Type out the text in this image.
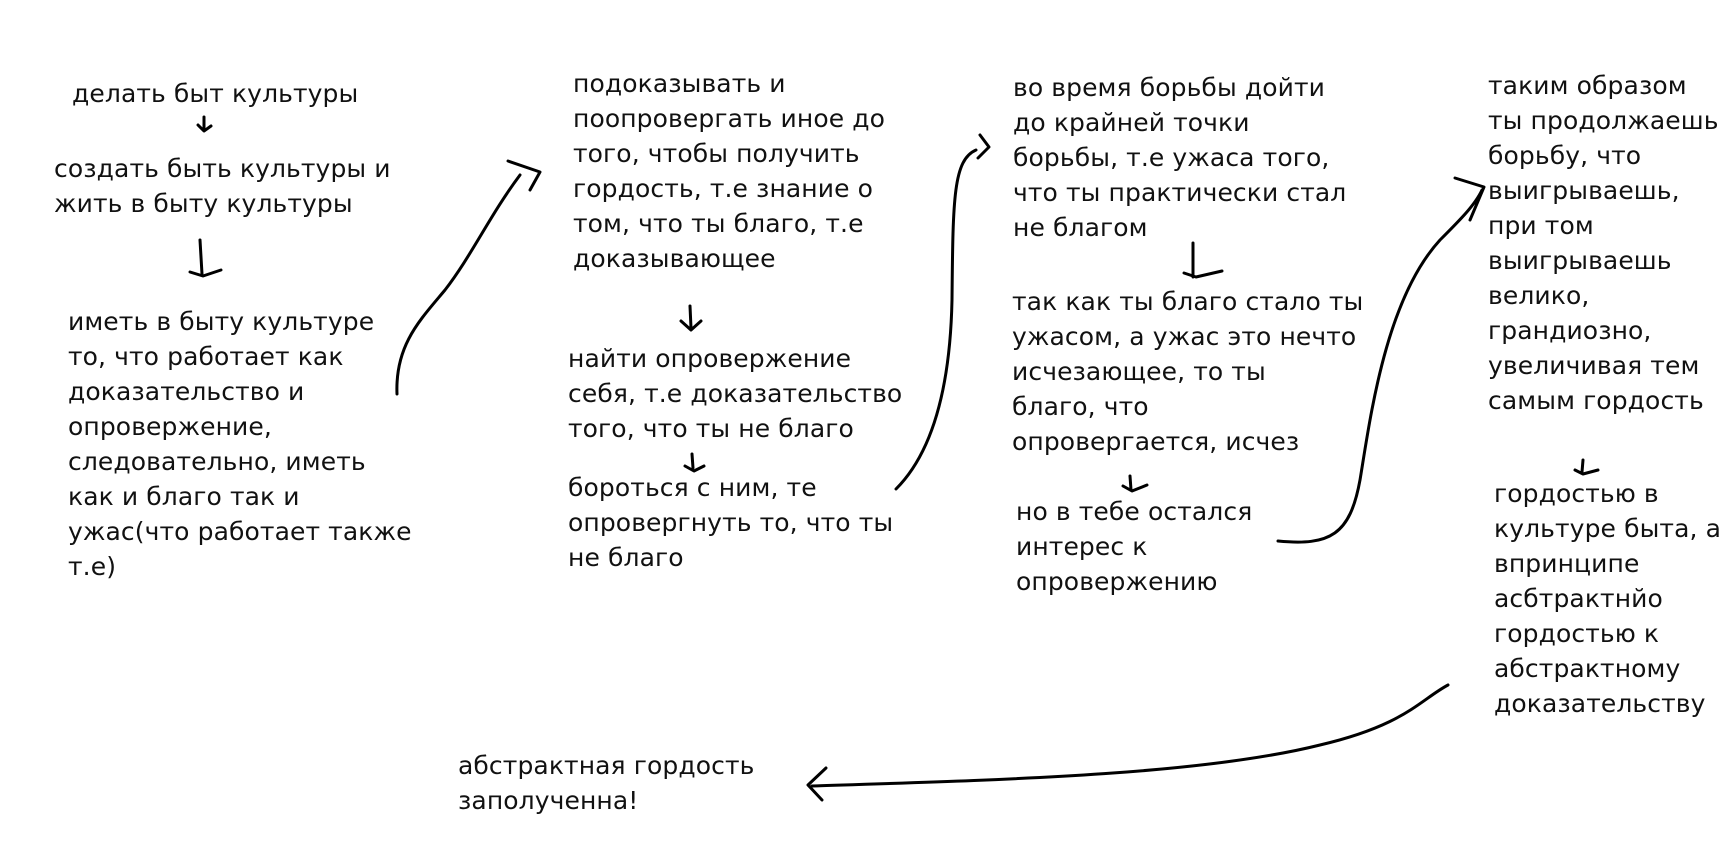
делать быт культуры
создать быть культуры и
жить в быту культуры
иметь в быту культуре
то, что работает как
доказательство и
опровержение,
следовательно, иметь
как и благо так и
ужас(что работает также
т.е)
подоказывать и
поопровергать иное до
того, чтобы получить
гордость, т.е знание о
том, что ты благо, т.е
доказывающее
найти опровержение
себя, т.е доказательство
того, что ты не благо
бороться с ним, те
опровергнуть то, что ты
не благо
во время борьбы дойти
до крайней точки
борьбы, т.е ужаса того,
что ты практически стал
не благом
так как ты благо стало ты
ужасом, а ужас это нечто
исчезающее, то ты
благо, что
опровергается, исчез
но в тебе остался
интерес к
опровержению
таким образом
ты продолжаешь
борьбу, что
выигрываешь,
при том
выигрываешь
велико,
грандиозно,
увеличивая тем
самым гордость
гордостью в
культуре быта, а
впринципе
асбтрактнйо
гордостью к
абстрактному
доказательству
абстрактная гордость
заполученна!
